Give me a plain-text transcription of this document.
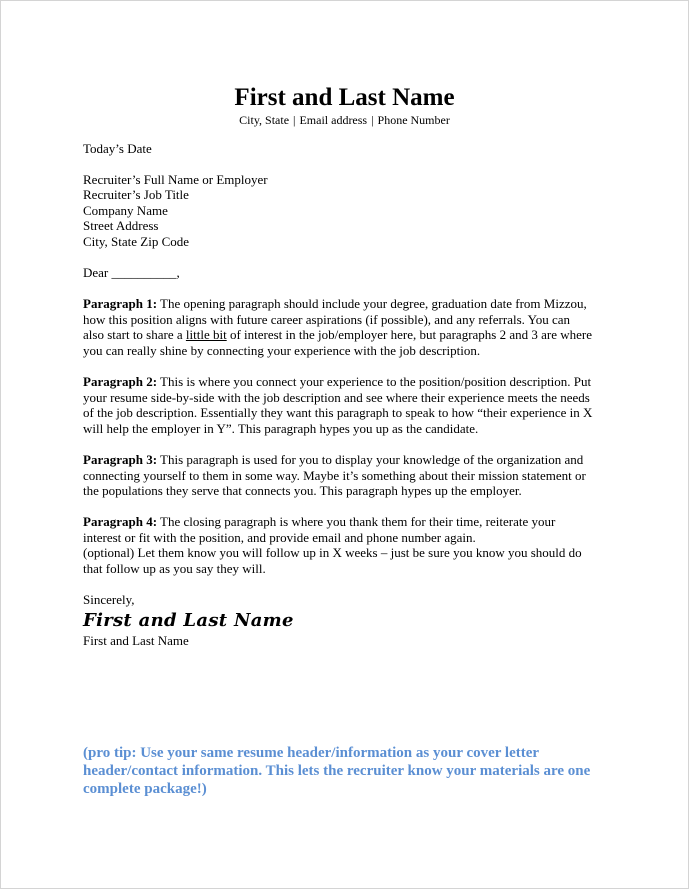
First and Last Name
City, State | Email address | Phone Number
Today’s Date
Recruiter’s Full Name or Employer
Recruiter’s Job Title
Company Name
Street Address
City, State Zip Code
Dear __________,

Paragraph 1: The opening paragraph should include your degree, graduation date from Mizzou, how this position aligns with future career aspirations (if possible), and any referrals. You can also start to share a little bit of interest in the job/employer here, but paragraphs 2 and 3 are where you can really shine by connecting your experience with the job description.

Paragraph 2: This is where you connect your experience to the position/position description. Put your resume side-by-side with the job description and see where their experience meets the needs of the job description. Essentially they want this paragraph to speak to how “their experience in X will help the employer in Y”. This paragraph hypes you up as the candidate.

Paragraph 3: This paragraph is used for you to display your knowledge of the organization and connecting yourself to them in some way. Maybe it’s something about their mission statement or the populations they serve that connects you. This paragraph hypes up the employer.

Paragraph 4: The closing paragraph is where you thank them for their time, reiterate your interest or fit with the position, and provide email and phone number again.
(optional) Let them know you will follow up in X weeks – just be sure you know you should do that follow up as you say they will.

Sincerely,
First and Last Name
First and Last Name
(pro tip: Use your same resume header/information as your cover letter header/contact information. This lets the recruiter know your materials are one complete package!)
